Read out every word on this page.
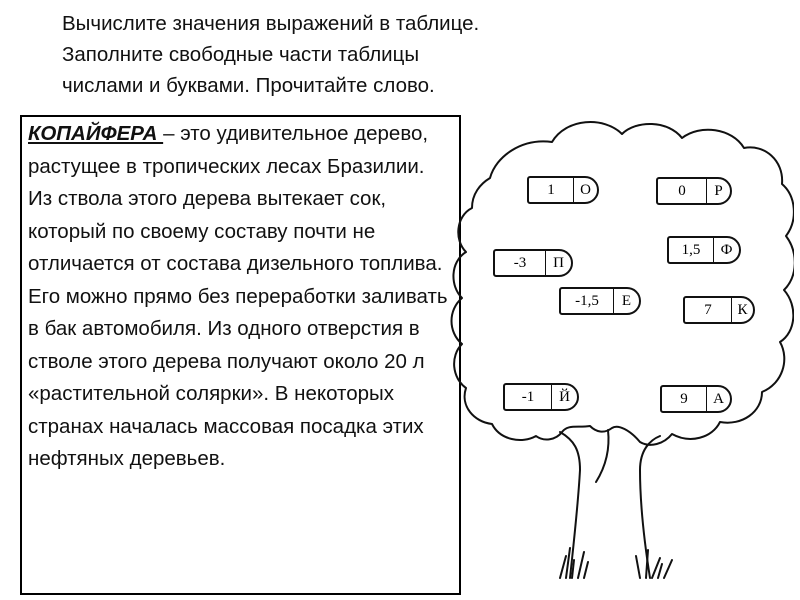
Вычислите значения выражений в таблице.
Заполните свободные части таблицы
числами и буквами. Прочитайте слово.
КОПАЙФЕРА – это удивительное дерево, растущее в тропических лесах Бразилии. Из ствола этого дерева вытекает сок, который по своему составу почти не отличается от состава дизельного топлива. Его можно прямо без переработки заливать в бак автомобиля. Из одного отверстия в стволе этого дерева получают около 20 л «растительной солярки». В некоторых странах началась массовая посадка этих нефтяных деревьев.
1	О	0	Р
1,5	Ф
-3	П
-1,5	Е
7	К
-1	Й	9	А
